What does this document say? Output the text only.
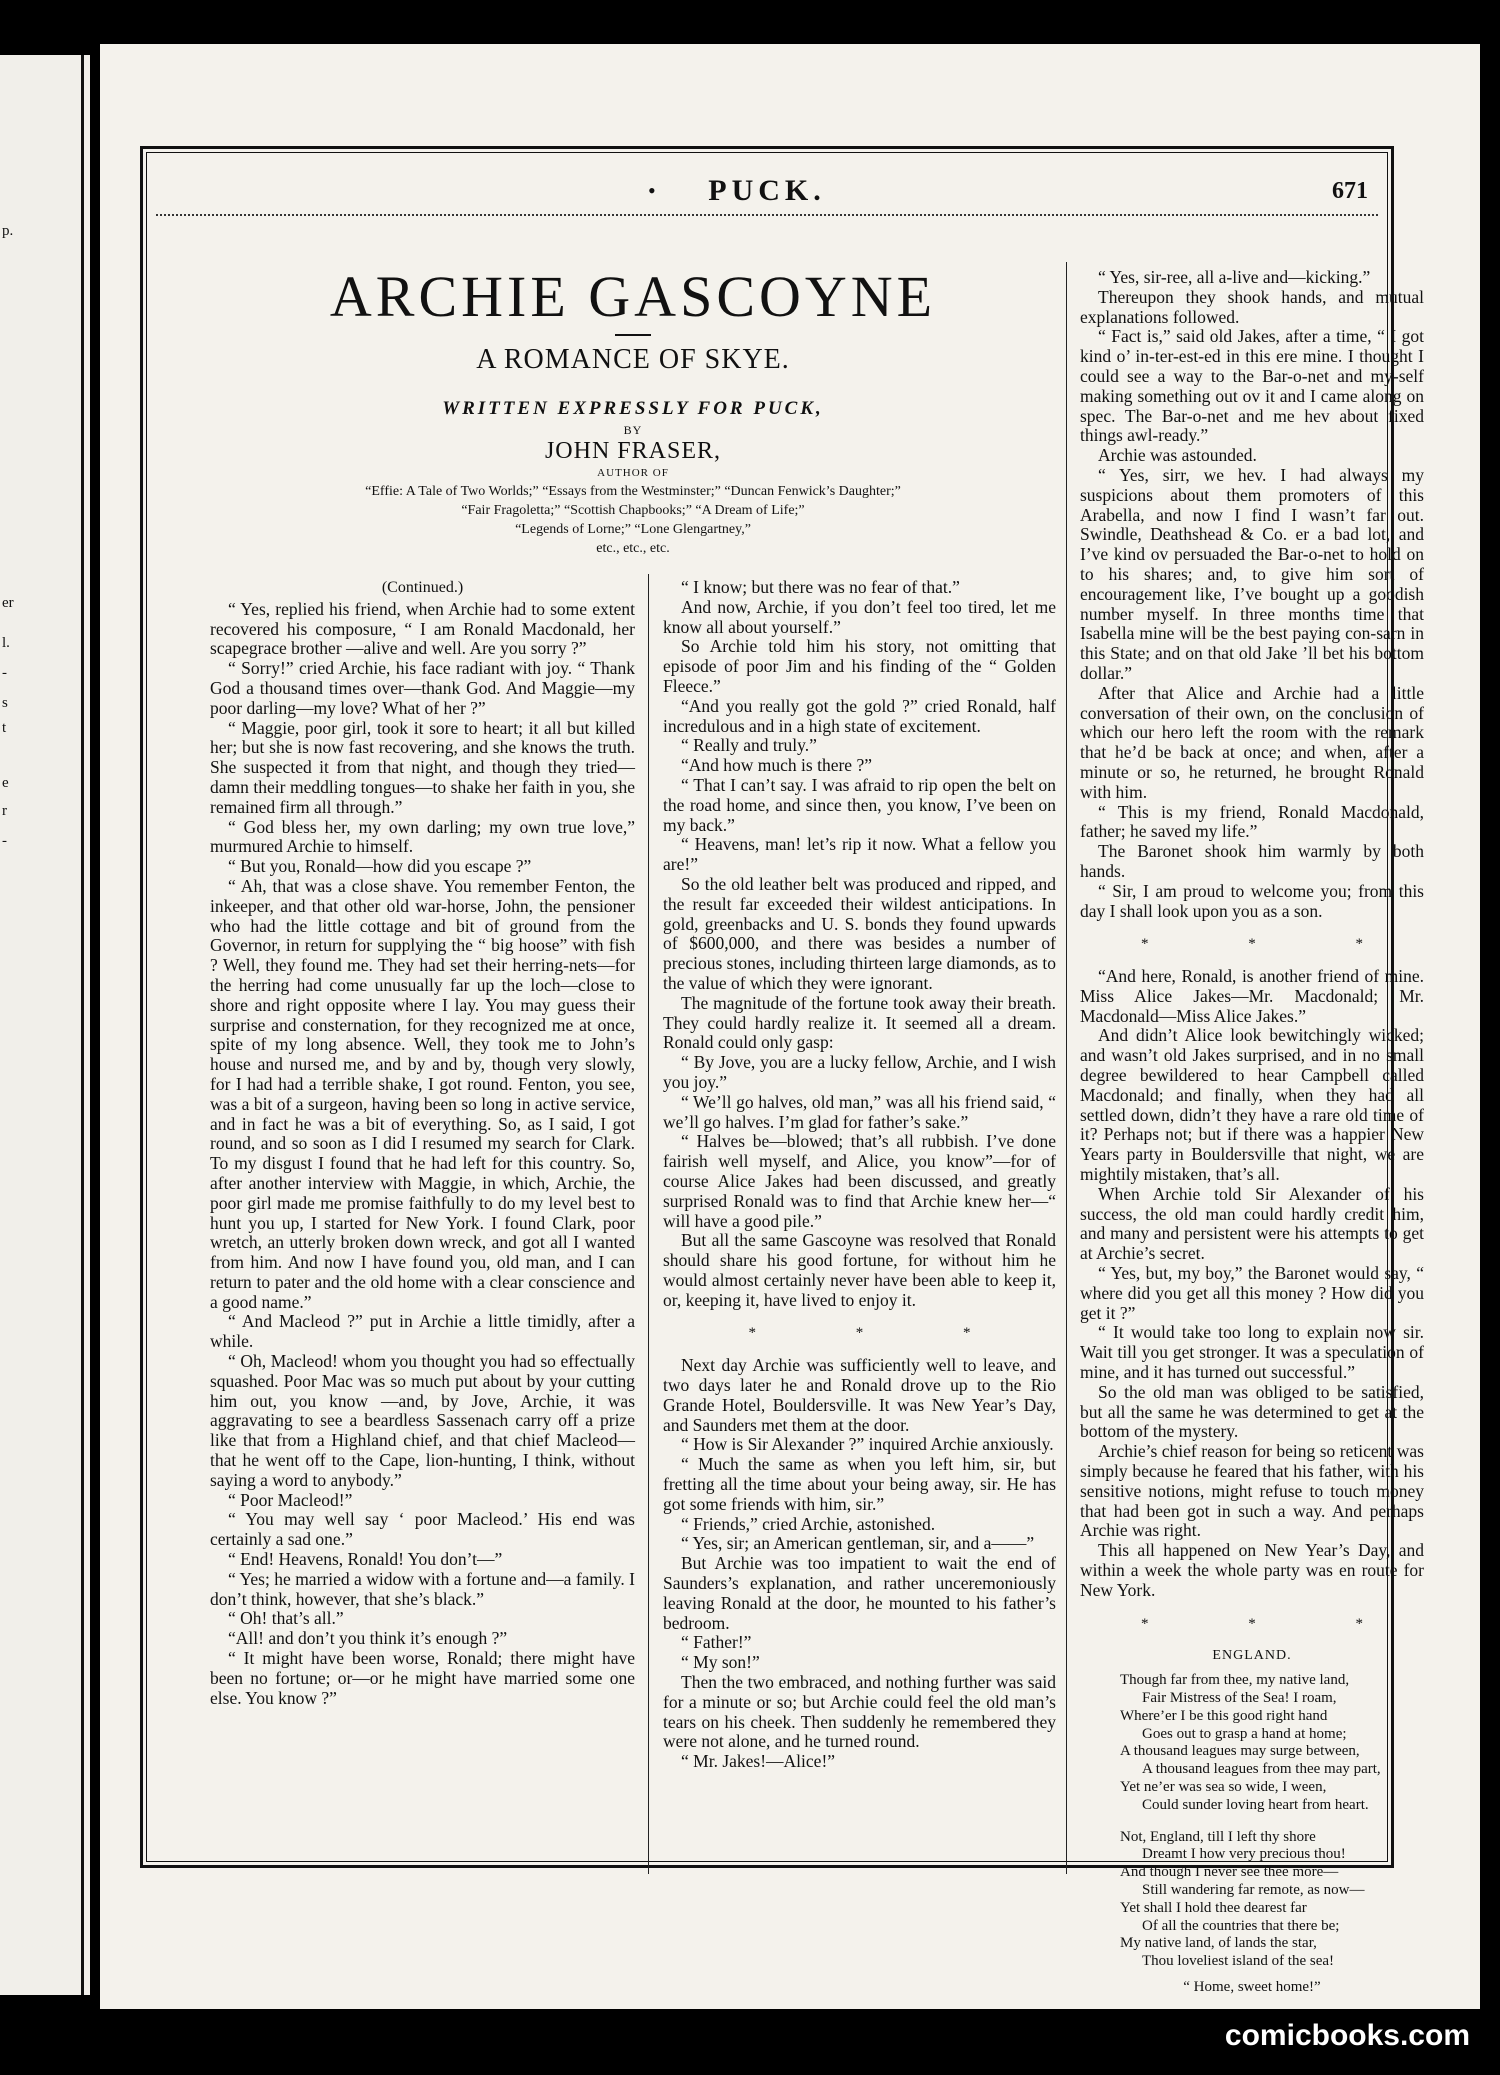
p.
er
l.
-
s
t
e
r
-
•	PUCK.	671
ARCHIE GASCOYNE
A ROMANCE OF SKYE.
WRITTEN EXPRESSLY FOR PUCK,
BY
JOHN FRASER,
AUTHOR OF
“Effie: A Tale of Two Worlds;” “Essays from the Westminster;” “Duncan Fenwick’s Daughter;”
“Fair Fragoletta;” “Scottish Chapbooks;” “A Dream of Life;”
“Legends of Lorne;” “Lone Glengartney,”
etc., etc., etc.
(Continued.)

“ Yes, replied his friend, when Archie had to some extent recovered his composure, “ I am Ronald Macdonald, her scapegrace brother —alive and well. Are you sorry ?”

“ Sorry!” cried Archie, his face radiant with joy. “ Thank God a thousand times over—thank God. And Maggie—my poor darling—my love? What of her ?”

“ Maggie, poor girl, took it sore to heart; it all but killed her; but she is now fast recovering, and she knows the truth. She suspected it from that night, and though they tried—damn their meddling tongues—to shake her faith in you, she remained firm all through.”

“ God bless her, my own darling; my own true love,” murmured Archie to himself.

“ But you, Ronald—how did you escape ?”

“ Ah, that was a close shave. You remember Fenton, the inkeeper, and that other old war-horse, John, the pensioner who had the little cottage and bit of ground from the Governor, in return for supplying the “ big hoose” with fish ? Well, they found me. They had set their herring-nets—for the herring had come unusually far up the loch—close to shore and right opposite where I lay. You may guess their surprise and consternation, for they recognized me at once, spite of my long absence. Well, they took me to John’s house and nursed me, and by and by, though very slowly, for I had had a terrible shake, I got round. Fenton, you see, was a bit of a surgeon, having been so long in active service, and in fact he was a bit of everything. So, as I said, I got round, and so soon as I did I resumed my search for Clark. To my disgust I found that he had left for this country. So, after another interview with Maggie, in which, Archie, the poor girl made me promise faithfully to do my level best to hunt you up, I started for New York. I found Clark, poor wretch, an utterly broken down wreck, and got all I wanted from him. And now I have found you, old man, and I can return to pater and the old home with a clear conscience and a good name.”

“ And Macleod ?” put in Archie a little timidly, after a while.

“ Oh, Macleod! whom you thought you had so effectually squashed. Poor Mac was so much put about by your cutting him out, you know —and, by Jove, Archie, it was aggravating to see a beardless Sassenach carry off a prize like that from a Highland chief, and that chief Macleod—that he went off to the Cape, lion-hunting, I think, without saying a word to anybody.”

“ Poor Macleod!”

“ You may well say ‘ poor Macleod.’ His end was certainly a sad one.”

“ End! Heavens, Ronald! You don’t—”

“ Yes; he married a widow with a fortune and—a family. I don’t think, however, that she’s black.”

“ Oh! that’s all.”

“All! and don’t you think it’s enough ?”

“ It might have been worse, Ronald; there might have been no fortune; or—or he might have married some one else. You know ?”

“ I know; but there was no fear of that.”

And now, Archie, if you don’t feel too tired, let me know all about yourself.”

So Archie told him his story, not omitting that episode of poor Jim and his finding of the “ Golden Fleece.”

“And you really got the gold ?” cried Ronald, half incredulous and in a high state of excitement.

“ Really and truly.”

“And how much is there ?”

“ That I can’t say. I was afraid to rip open the belt on the road home, and since then, you know, I’ve been on my back.”

“ Heavens, man! let’s rip it now. What a fellow you are!”

So the old leather belt was produced and ripped, and the result far exceeded their wildest anticipations. In gold, greenbacks and U. S. bonds they found upwards of $600,000, and there was besides a number of precious stones, including thirteen large diamonds, as to the value of which they were ignorant.

The magnitude of the fortune took away their breath. They could hardly realize it. It seemed all a dream. Ronald could only gasp:

“ By Jove, you are a lucky fellow, Archie, and I wish you joy.”

“ We’ll go halves, old man,” was all his friend said, “ we’ll go halves. I’m glad for father’s sake.”

“ Halves be—blowed; that’s all rubbish. I’ve done fairish well myself, and Alice, you know”—for of course Alice Jakes had been discussed, and greatly surprised Ronald was to find that Archie knew her—“ will have a good pile.”

But all the same Gascoyne was resolved that Ronald should share his good fortune, for without him he would almost certainly never have been able to keep it, or, keeping it, have lived to enjoy it.

* * *

Next day Archie was sufficiently well to leave, and two days later he and Ronald drove up to the Rio Grande Hotel, Bouldersville. It was New Year’s Day, and Saunders met them at the door.

“ How is Sir Alexander ?” inquired Archie anxiously.

“ Much the same as when you left him, sir, but fretting all the time about your being away, sir. He has got some friends with him, sir.”

“ Friends,” cried Archie, astonished.

“ Yes, sir; an American gentleman, sir, and a——”

But Archie was too impatient to wait the end of Saunders’s explanation, and rather unceremoniously leaving Ronald at the door, he mounted to his father’s bedroom.

“ Father!”

“ My son!”

Then the two embraced, and nothing further was said for a minute or so; but Archie could feel the old man’s tears on his cheek. Then suddenly he remembered they were not alone, and he turned round.

“ Mr. Jakes!—Alice!”

“ Yes, sir-ree, all a-live and—kicking.”

Thereupon they shook hands, and mutual explanations followed.

“ Fact is,” said old Jakes, after a time, “ I got kind o’ in-ter-est-ed in this ere mine. I thought I could see a way to the Bar-o-net and my-self making something out ov it and I came along on spec. The Bar-o-net and me hev about fixed things awl-ready.”

Archie was astounded.

“ Yes, sirr, we hev. I had always my suspicions about them promoters of this Arabella, and now I find I wasn’t far out. Swindle, Deathshead & Co. er a bad lot, and I’ve kind ov persuaded the Bar-o-net to hold on to his shares; and, to give him sort of encouragement like, I’ve bought up a goodish number myself. In three months time that Isabella mine will be the best paying con-sarn in this State; and on that old Jake ’ll bet his bottom dollar.”

After that Alice and Archie had a little conversation of their own, on the conclusion of which our hero left the room with the remark that he’d be back at once; and when, after a minute or so, he returned, he brought Ronald with him.

“ This is my friend, Ronald Macdonald, father; he saved my life.”

The Baronet shook him warmly by both hands.

“ Sir, I am proud to welcome you; from this day I shall look upon you as a son.

* * *

“And here, Ronald, is another friend of mine. Miss Alice Jakes—Mr. Macdonald; Mr. Macdonald—Miss Alice Jakes.”

And didn’t Alice look bewitchingly wicked; and wasn’t old Jakes surprised, and in no small degree bewildered to hear Campbell called Macdonald; and finally, when they had all settled down, didn’t they have a rare old time of it? Perhaps not; but if there was a happier New Years party in Bouldersville that night, we are mightily mistaken, that’s all.

When Archie told Sir Alexander of his success, the old man could hardly credit him, and many and persistent were his attempts to get at Archie’s secret.

“ Yes, but, my boy,” the Baronet would say, “ where did you get all this money ? How did you get it ?”

“ It would take too long to explain now sir. Wait till you get stronger. It was a speculation of mine, and it has turned out successful.”

So the old man was obliged to be satisfied, but all the same he was determined to get at the bottom of the mystery.

Archie’s chief reason for being so reticent was simply because he feared that his father, with his sensitive notions, might refuse to touch money that had been got in such a way. And perhaps Archie was right.

This all happened on New Year’s Day, and within a week the whole party was en route for New York.

* * *
ENGLAND.
Though far from thee, my native land,
Fair Mistress of the Sea! I roam,
Where’er I be this good right hand
Goes out to grasp a hand at home;
A thousand leagues may surge between,
A thousand leagues from thee may part,
Yet ne’er was sea so wide, I ween,
Could sunder loving heart from heart.
Not, England, till I left thy shore
Dreamt I how very precious thou!
And though I never see thee more—
Still wandering far remote, as now—
Yet shall I hold thee dearest far
Of all the countries that there be;
My native land, of lands the star,
Thou loveliest island of the sea!
“ Home, sweet home!”
comicbooks.com
